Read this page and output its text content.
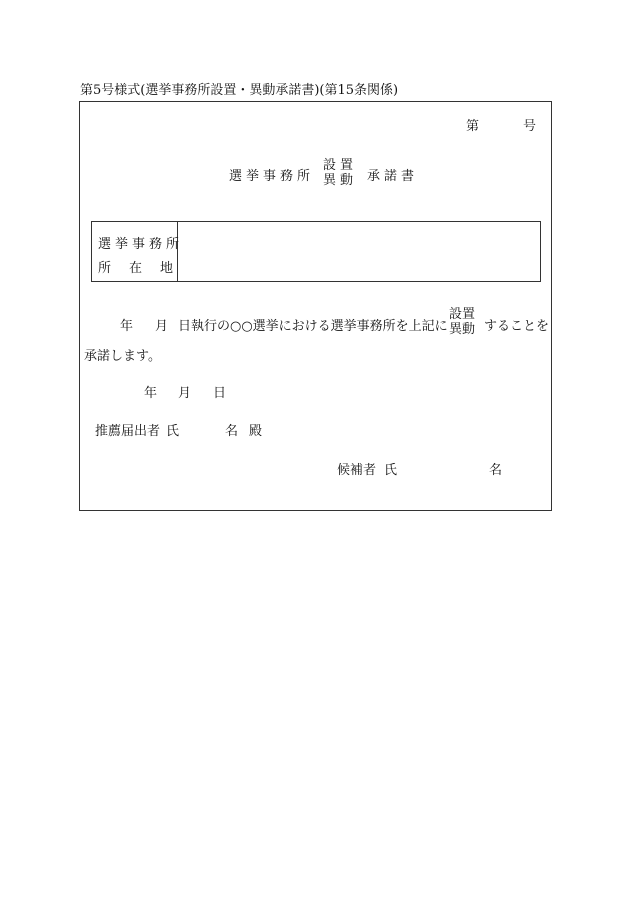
第5号様式(選挙事務所設置・異動承諾書)(第15条関係)
第	号
選挙事務所
設置
異動 承諾書
選挙事務所
所 在 地
年 月 日執行の○○選挙における選挙事務所を上記に
設置
異動 することを
承諾します。
年 月 日
推薦届出者 氏	名 殿
候補者 氏	名
